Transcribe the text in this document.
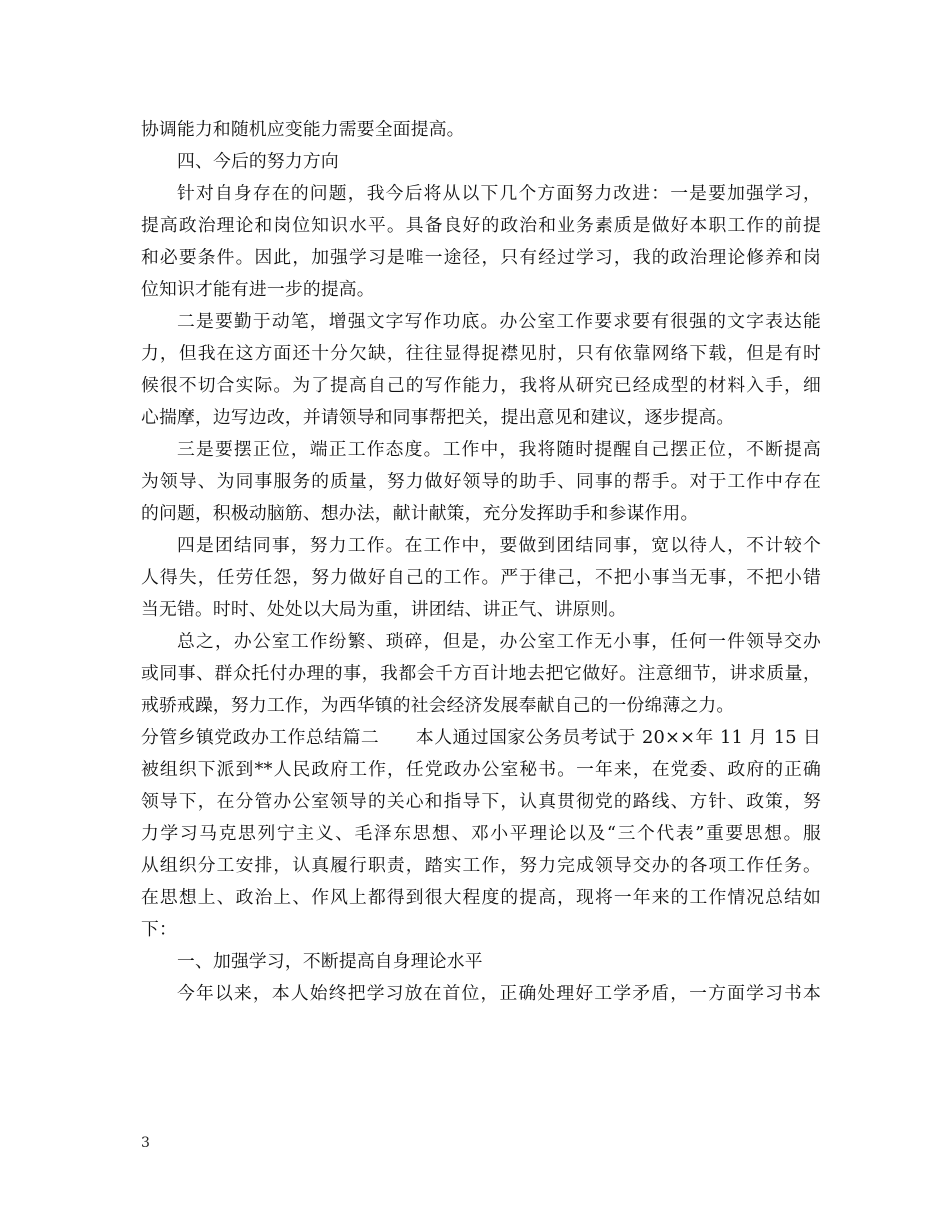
协调能力和随机应变能力需要全面提高。
四、今后的努力方向
针对自身存在的问题，我今后将从以下几个方面努力改进：一是要加强学习，
提高政治理论和岗位知识水平。具备良好的政治和业务素质是做好本职工作的前提
和必要条件。因此，加强学习是唯一途径，只有经过学习，我的政治理论修养和岗
位知识才能有进一步的提高。
二是要勤于动笔，增强文字写作功底。办公室工作要求要有很强的文字表达能
力，但我在这方面还十分欠缺，往往显得捉襟见肘，只有依靠网络下载，但是有时
候很不切合实际。为了提高自己的写作能力，我将从研究已经成型的材料入手，细
心揣摩，边写边改，并请领导和同事帮把关，提出意见和建议，逐步提高。
三是要摆正位，端正工作态度。工作中，我将随时提醒自己摆正位，不断提高
为领导、为同事服务的质量，努力做好领导的助手、同事的帮手。对于工作中存在
的问题，积极动脑筋、想办法，献计献策，充分发挥助手和参谋作用。
四是团结同事，努力工作。在工作中，要做到团结同事，宽以待人，不计较个
人得失，任劳任怨，努力做好自己的工作。严于律己，不把小事当无事，不把小错
当无错。时时、处处以大局为重，讲团结、讲正气、讲原则。
总之，办公室工作纷繁、琐碎，但是，办公室工作无小事，任何一件领导交办
或同事、群众托付办理的事，我都会千方百计地去把它做好。注意细节，讲求质量，
戒骄戒躁，努力工作，为西华镇的社会经济发展奉献自己的一份绵薄之力。
分管乡镇党政办工作总结篇二　　本人通过国家公务员考试于 20××年 11 月 15 日
被组织下派到**人民政府工作，任党政办公室秘书。一年来，在党委、政府的正确
领导下，在分管办公室领导的关心和指导下，认真贯彻党的路线、方针、政策，努
力学习马克思列宁主义、毛泽东思想、邓小平理论以及“三个代表”重要思想。服
从组织分工安排，认真履行职责，踏实工作，努力完成领导交办的各项工作任务。
在思想上、政治上、作风上都得到很大程度的提高，现将一年来的工作情况总结如
下：
一、加强学习，不断提高自身理论水平
今年以来，本人始终把学习放在首位，正确处理好工学矛盾，一方面学习书本
3
